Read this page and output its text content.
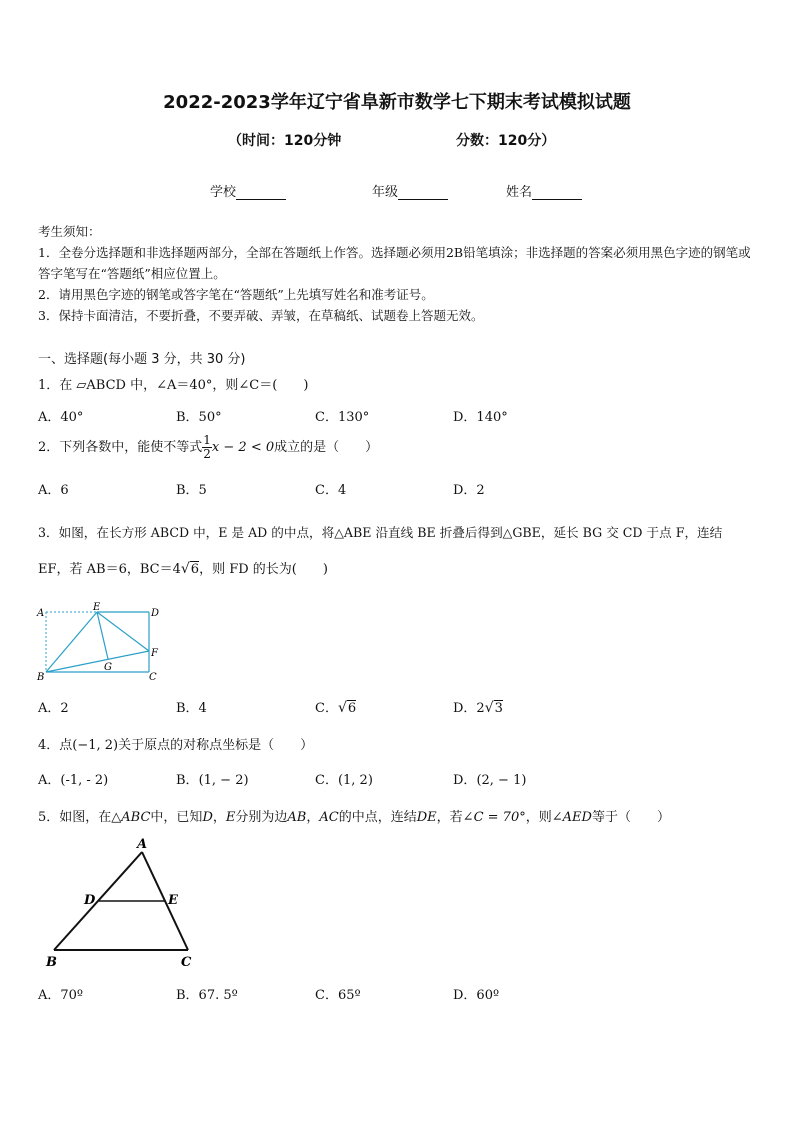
2022-2023学年辽宁省阜新市数学七下期末考试模拟试题
（时间：120分钟	分数：120分）
学校	年级	姓名
考生须知：
1．全卷分选择题和非选择题两部分，全部在答题纸上作答。选择题必须用2B铅笔填涂；非选择题的答案必须用黑色字迹的钢笔或答字笔写在“答题纸”相应位置上。
2．请用黑色字迹的钢笔或答字笔在“答题纸”上先填写姓名和准考证号。
3．保持卡面清洁，不要折叠，不要弄破、弄皱，在草稿纸、试题卷上答题无效。
一、选择题(每小题 3 分，共 30 分)
1．在 ▱ABCD 中，∠A＝40°，则∠C＝(　　)
A．40°	B．50°	C．130°	D．140°
2．下列各数中，能使不等式 $\frac{1}{2}$ x − 2 < 0成立的是（　　）
A．6	B．5	C．4	D．2
3．如图，在长方形 ABCD 中，E 是 AD 的中点，将△ABE 沿直线 BE 折叠后得到△GBE，延长 BG 交 CD 于点 F，连结
EF，若 AB＝6，BC＝4√6，则 FD 的长为(　　)
A
E
D
F
G
B	C
A．2	B．4	C．√6	D．2√3
4．点(−1, 2)关于原点的对称点坐标是（　　）
A．(-1, - 2)	B．(1, − 2)	C．(1, 2)	D．(2, − 1)
5．如图，在△ABC中，已知D，E分别为边AB，AC的中点，连结DE，若∠C = 70°，则∠AED等于（　　）
A
D	E
B	C
A．70º	B．67. 5º	C．65º	D．60º
